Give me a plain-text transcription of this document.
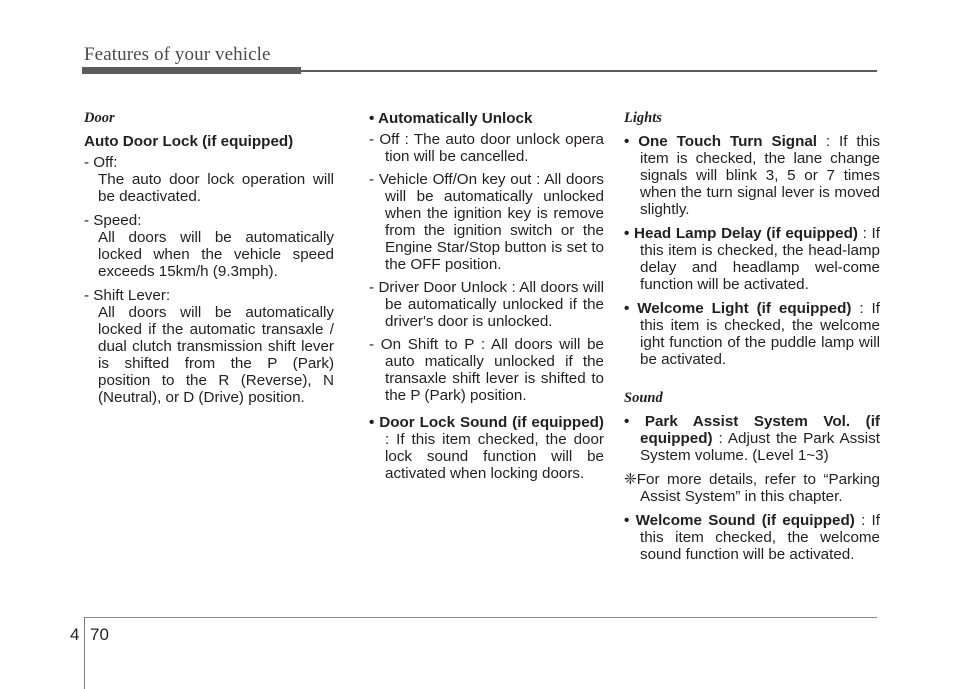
Features of your vehicle
Door
Auto Door Lock (if equipped)
- Off:
The auto door lock operation will be deactivated.
- Speed:
All doors will be automatically locked when the vehicle speed exceeds 15km/h (9.3mph).
- Shift Lever:
All doors will be automatically locked if the automatic transaxle / dual clutch transmission shift lever is shifted from the P (Park) position to the R (Reverse), N (Neutral), or D (Drive) position.
• Automatically Unlock
- Off : The auto door unlock opera tion will be cancelled.
- Vehicle Off/On key out : All doors will be automatically unlocked when the ignition key is remove from the ignition switch or the Engine Star/Stop button is set to the OFF position.
- Driver Door Unlock : All doors will be automatically unlocked if the driver's door is unlocked.
- On Shift to P : All doors will be auto matically unlocked if the transaxle shift lever is shifted to the P (Park) position.
• Door Lock Sound (if equipped) : If this item checked, the door lock sound function will be activated when locking doors.
Lights
• One Touch Turn Signal : If this item is checked, the lane change signals will blink 3, 5 or 7 times when the turn signal lever is moved slightly.
• Head Lamp Delay (if equipped) : If this item is checked, the head-lamp delay and headlamp wel-come function will be activated.
• Welcome Light (if equipped) : If this item is checked, the welcome ight function of the puddle lamp will be activated.
Sound
• Park Assist System Vol. (if equipped) : Adjust the Park Assist System volume. (Level 1~3)
❈For more details, refer to “Parking Assist System” in this chapter.
• Welcome Sound (if equipped) : If this item checked, the welcome sound function will be activated.
4 70
